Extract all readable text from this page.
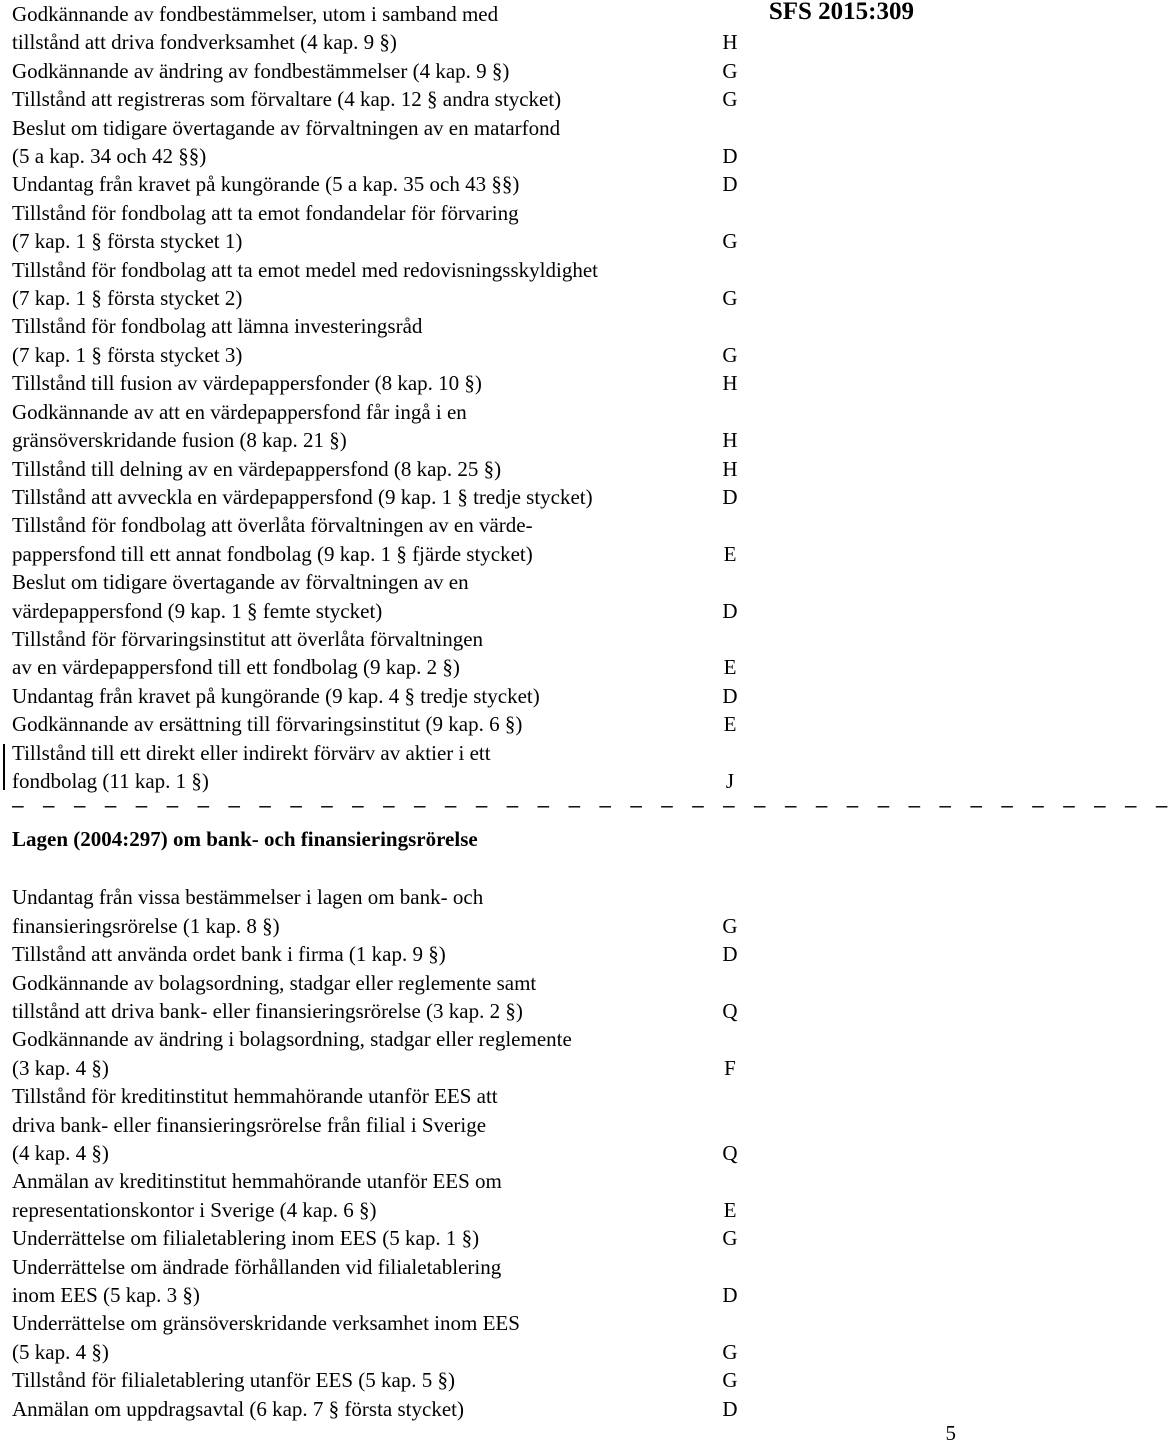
SFS 2015:309
Godkännande av fondbestämmelser, utom i samband med
tillstånd att driva fondverksamhet (4 kap. 9 §)	H
Godkännande av ändring av fondbestämmelser (4 kap. 9 §)	G
Tillstånd att registreras som förvaltare (4 kap. 12 § andra stycket)	G
Beslut om tidigare övertagande av förvaltningen av en matarfond
(5 a kap. 34 och 42 §§)	D
Undantag från kravet på kungörande (5 a kap. 35 och 43 §§)	D
Tillstånd för fondbolag att ta emot fondandelar för förvaring
(7 kap. 1 § första stycket 1)	G
Tillstånd för fondbolag att ta emot medel med redovisningsskyldighet
(7 kap. 1 § första stycket 2)	G
Tillstånd för fondbolag att lämna investeringsråd
(7 kap. 1 § första stycket 3)	G
Tillstånd till fusion av värdepappersfonder (8 kap. 10 §)	H
Godkännande av att en värdepappersfond får ingå i en
gränsöverskridande fusion (8 kap. 21 §)	H
Tillstånd till delning av en värdepappersfond (8 kap. 25 §)	H
Tillstånd att avveckla en värdepappersfond (9 kap. 1 § tredje stycket)	D
Tillstånd för fondbolag att överlåta förvaltningen av en värde-
pappersfond till ett annat fondbolag (9 kap. 1 § fjärde stycket)	E
Beslut om tidigare övertagande av förvaltningen av en
värdepappersfond (9 kap. 1 § femte stycket)	D
Tillstånd för förvaringsinstitut att överlåta förvaltningen
av en värdepappersfond till ett fondbolag (9 kap. 2 §)	E
Undantag från kravet på kungörande (9 kap. 4 § tredje stycket)	D
Godkännande av ersättning till förvaringsinstitut (9 kap. 6 §)	E
Tillstånd till ett direkt eller indirekt förvärv av aktier i ett
fondbolag (11 kap. 1 §)	J
– – – – – – – – – – – – – – – – – – – – – – – – – – – – – – – – – – – – – –
Lagen (2004:297) om bank- och finansieringsrörelse
Undantag från vissa bestämmelser i lagen om bank- och
finansieringsrörelse (1 kap. 8 §)	G
Tillstånd att använda ordet bank i firma (1 kap. 9 §)	D
Godkännande av bolagsordning, stadgar eller reglemente samt
tillstånd att driva bank- eller finansieringsrörelse (3 kap. 2 §)	Q
Godkännande av ändring i bolagsordning, stadgar eller reglemente
(3 kap. 4 §)	F
Tillstånd för kreditinstitut hemmahörande utanför EES att
driva bank- eller finansieringsrörelse från filial i Sverige
(4 kap. 4 §)	Q
Anmälan av kreditinstitut hemmahörande utanför EES om
representationskontor i Sverige (4 kap. 6 §)	E
Underrättelse om filialetablering inom EES (5 kap. 1 §)	G
Underrättelse om ändrade förhållanden vid filialetablering
inom EES (5 kap. 3 §)	D
Underrättelse om gränsöverskridande verksamhet inom EES
(5 kap. 4 §)	G
Tillstånd för filialetablering utanför EES (5 kap. 5 §)	G
Anmälan om uppdragsavtal (6 kap. 7 § första stycket)	D
5
